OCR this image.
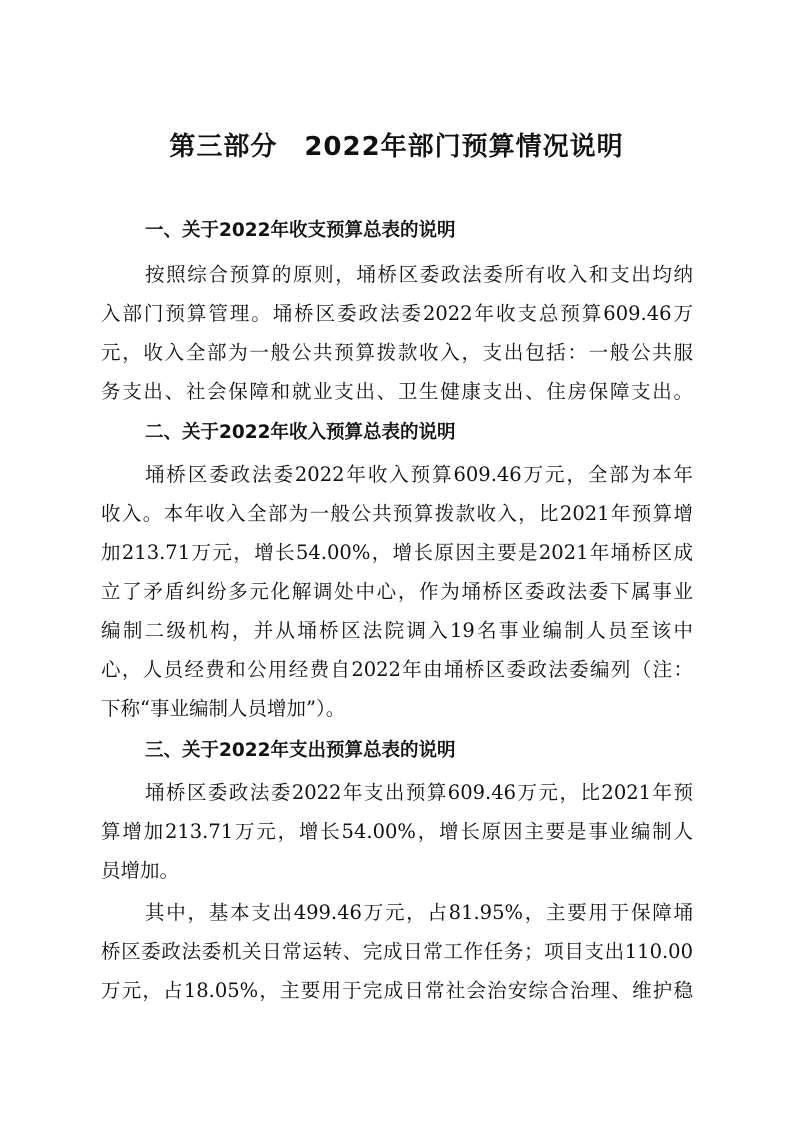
第三部分　2022年部门预算情况说明
一、关于2022年收支预算总表的说明
按照综合预算的原则，埇桥区委政法委所有收入和支出均纳
入部门预算管理。埇桥区委政法委2022年收支总预算609.46万
元，收入全部为一般公共预算拨款收入，支出包括：一般公共服
务支出、社会保障和就业支出、卫生健康支出、住房保障支出。
二、关于2022年收入预算总表的说明
埇桥区委政法委2022年收入预算609.46万元，全部为本年
收入。本年收入全部为一般公共预算拨款收入，比2021年预算增
加213.71万元，增长54.00%，增长原因主要是2021年埇桥区成
立了矛盾纠纷多元化解调处中心，作为埇桥区委政法委下属事业
编制二级机构，并从埇桥区法院调入19名事业编制人员至该中
心，人员经费和公用经费自2022年由埇桥区委政法委编列（注：
下称“事业编制人员增加”）。
三、关于2022年支出预算总表的说明
埇桥区委政法委2022年支出预算609.46万元，比2021年预
算增加213.71万元，增长54.00%，增长原因主要是事业编制人
员增加。
其中，基本支出499.46万元，占81.95%，主要用于保障埇
桥区委政法委机关日常运转、完成日常工作任务；项目支出110.00
万元，占18.05%，主要用于完成日常社会治安综合治理、维护稳
